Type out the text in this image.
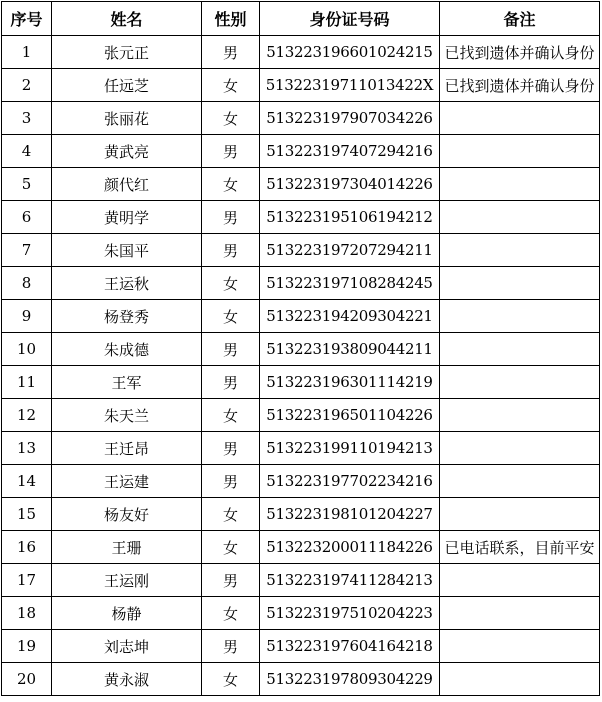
序号	姓名	性别	身份证号码	备注
1	张元正	男	513223196601024215	已找到遗体并确认身份
2	任远芝	女	51322319711013422X	已找到遗体并确认身份
3	张丽花	女	513223197907034226	
4	黄武亮	男	513223197407294216	
5	颜代红	女	513223197304014226	
6	黄明学	男	513223195106194212	
7	朱国平	男	513223197207294211	
8	王运秋	女	513223197108284245	
9	杨登秀	女	513223194209304221	
10	朱成德	男	513223193809044211	
11	王军	男	513223196301114219	
12	朱天兰	女	513223196501104226	
13	王迁昂	男	513223199110194213	
14	王运建	男	513223197702234216	
15	杨友好	女	513223198101204227	
16	王珊	女	513223200011184226	已电话联系，目前平安
17	王运刚	男	513223197411284213	
18	杨静	女	513223197510204223	
19	刘志坤	男	513223197604164218	
20	黄永淑	女	513223197809304229	
